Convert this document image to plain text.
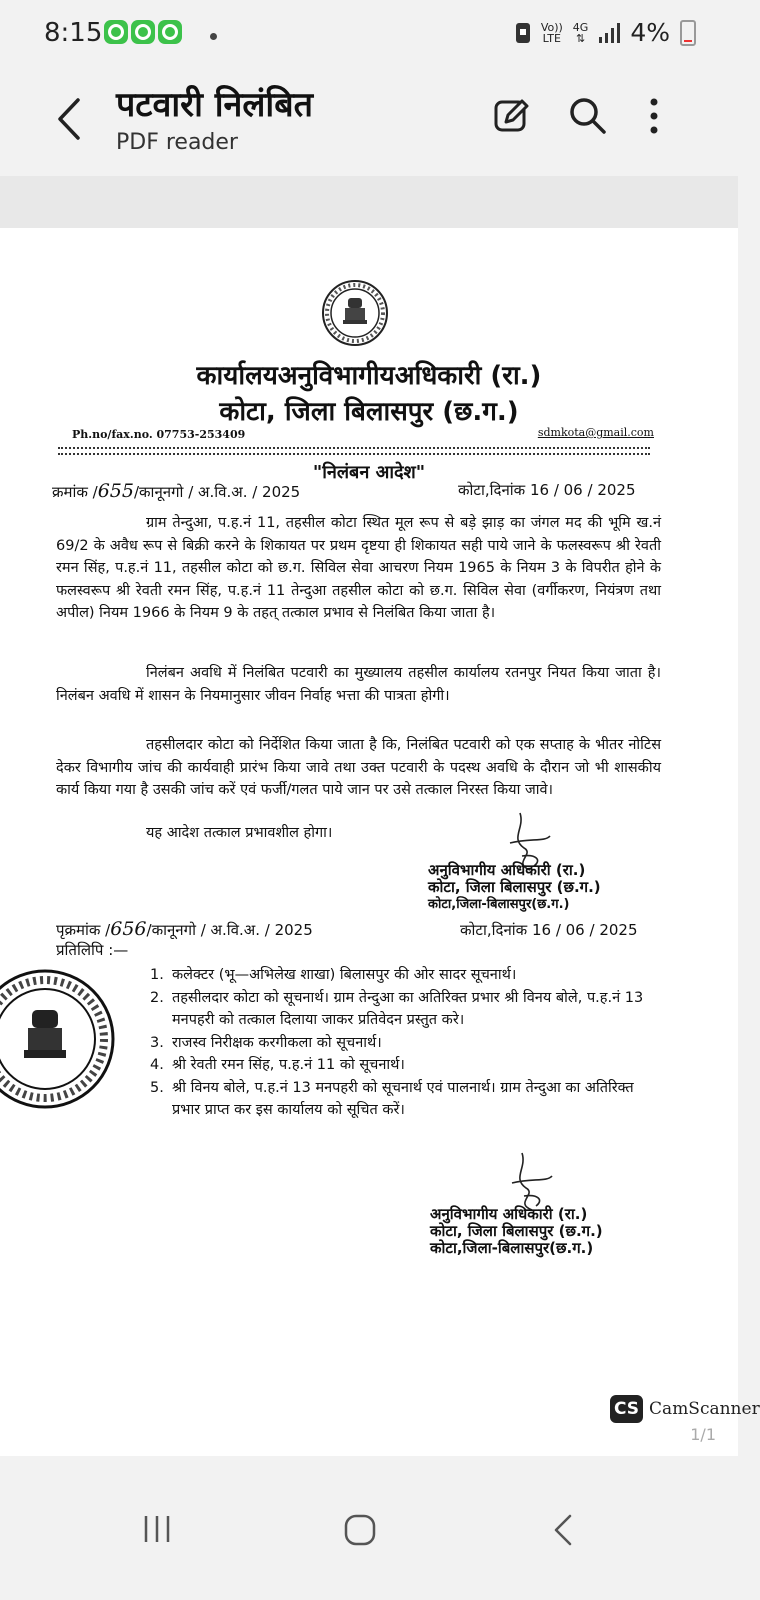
8:15	Vo))
LTE
4G
⇅ 4%
पटवारी निलंबित
PDF reader
कार्यालयअनुविभागीयअधिकारी (रा.)
कोटा, जिला बिलासपुर (छ.ग.)
Ph.no/fax.no. 07753-253409	sdmkota@gmail.com
"निलंबन आदेश"
क्रमांक /655/कानूनगो / अ.वि.अ. / 2025	कोटा,दिनांक 16 / 06 / 2025
ग्राम तेन्दुआ, प.ह.नं 11, तहसील कोटा स्थित मूल रूप से बड़े झाड़ का जंगल मद की भूमि ख.नं 69/2 के अवैध रूप से बिक्री करने के शिकायत पर प्रथम दृष्टया ही शिकायत सही पाये जाने के फलस्वरूप श्री रेवती रमन सिंह, प.ह.नं 11, तहसील कोटा को छ.ग. सिविल सेवा आचरण नियम 1965 के नियम 3 के विपरीत होने के फलस्वरूप श्री रेवती रमन सिंह, प.ह.नं 11 तेन्दुआ तहसील कोटा को छ.ग. सिविल सेवा (वर्गीकरण, नियंत्रण तथा अपील) नियम 1966 के नियम 9 के तहत् तत्काल प्रभाव से निलंबित किया जाता है।
निलंबन अवधि में निलंबित पटवारी का मुख्यालय तहसील कार्यालय रतनपुर नियत किया जाता है। निलंबन अवधि में शासन के नियमानुसार जीवन निर्वाह भत्ता की पात्रता होगी।
तहसीलदार कोटा को निर्देशित किया जाता है कि, निलंबित पटवारी को एक सप्ताह के भीतर नोटिस देकर विभागीय जांच की कार्यवाही प्रारंभ किया जावे तथा उक्त पटवारी के पदस्थ अवधि के दौरान जो भी शासकीय कार्य किया गया है उसकी जांच करें एवं फर्जी/गलत पाये जान पर उसे तत्काल निरस्त किया जावे।
यह आदेश तत्काल प्रभावशील होगा।
अनुविभागीय अधिकारी (रा.)
कोटा, जिला बिलासपुर (छ.ग.)
कोटा,जिला-बिलासपुर(छ.ग.)
पृक्रमांक /656/कानूनगो / अ.वि.अ. / 2025	कोटा,दिनांक 16 / 06 / 2025
प्रतिलिपि :—
1. कलेक्टर (भू—अभिलेख शाखा) बिलासपुर की ओर सादर सूचनार्थ।
2. तहसीलदार कोटा को सूचनार्थ। ग्राम तेन्दुआ का अतिरिक्त प्रभार श्री विनय बोले, प.ह.नं 13 मनपहरी को तत्काल दिलाया जाकर प्रतिवेदन प्रस्तुत करे।
3. राजस्व निरीक्षक करगीकला को सूचनार्थ।
4. श्री रेवती रमन सिंह, प.ह.नं 11 को सूचनार्थ।
5. श्री विनय बोले, प.ह.नं 13 मनपहरी को सूचनार्थ एवं पालनार्थ। ग्राम तेन्दुआ का अतिरिक्त प्रभार प्राप्त कर इस कार्यालय को सूचित करें।
अनुविभागीय अधिकारी (रा.)
कोटा, जिला बिलासपुर (छ.ग.)
कोटा,जिला-बिलासपुर(छ.ग.)
CS CamScanner
1/1
